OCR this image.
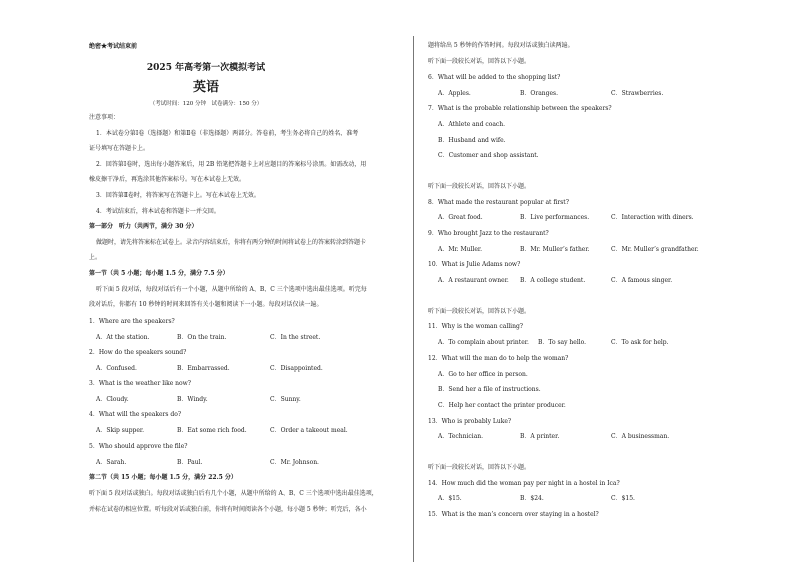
绝密★考试结束前
2025 年高考第一次模拟考试
英语
（考试时间：120 分钟　试卷满分：150 分）
注意事项：
1．本试卷分第Ⅰ卷（选择题）和第Ⅱ卷（非选择题）两部分。答卷前，考生务必将自己的姓名、准考
证号填写在答题卡上。
2．回答第Ⅰ卷时，选出每小题答案后，用 2B 铅笔把答题卡上对应题目的答案标号涂黑。如需改动，用
橡皮擦干净后，再选涂其他答案标号。写在本试卷上无效。
3．回答第Ⅱ卷时，将答案写在答题卡上。写在本试卷上无效。
4．考试结束后，将本试卷和答题卡一并交回。
第一部分　听力（共两节，满分 30 分）
做题时，请先将答案标在试卷上。录音内容结束后，你将有两分钟的时间将试卷上的答案转涂到答题卡
上。
第一节（共 5 小题；每小题 1.5 分，满分 7.5 分）
听下面 5 段对话，每段对话后有一个小题，从题中所给的 A、B、C 三个选项中选出最佳选项。听完每
段对话后，你都有 10 秒钟的时间来回答有关小题和阅读下一小题。每段对话仅读一遍。
1．Where are the speakers?
A．At the station.	B．On the train.	C．In the street.
2．How do the speakers sound?
A．Confused.	B．Embarrassed.	C．Disappointed.
3．What is the weather like now?
A．Cloudy.	B．Windy.	C．Sunny.
4．What will the speakers do?
A．Skip supper.	B．Eat some rich food.	C．Order a takeout meal.
5．Who should approve the file?
A．Sarah.	B．Paul.	C．Mr. Johnson.
第二节（共 15 小题；每小题 1.5 分，满分 22.5 分）
听下面 5 段对话或独白。每段对话或独白后有几个小题，从题中所给的 A、B、C 三个选项中选出最佳选项，
并标在试卷的相应位置。听每段对话或独白前，你将有时间阅读各个小题，每小题 5 秒钟；听完后，各小
题将给出 5 秒钟的作答时间。每段对话或独白读两遍。
听下面一段较长对话，回答以下小题。
6．What will be added to the shopping list?
A．Apples.	B．Oranges.	C．Strawberries.
7．What is the probable relationship between the speakers?
A．Athlete and coach.
B．Husband and wife.
C．Customer and shop assistant.
听下面一段较长对话，回答以下小题。
8．What made the restaurant popular at first?
A．Great food.	B．Live performances.	C．Interaction with diners.
9．Who brought Jazz to the restaurant?
A．Mr. Muller.	B．Mr. Muller’s father.	C．Mr. Muller’s grandfather.
10．What is Julie Adams now?
A．A restaurant owner. B．A college student.	C．A famous singer.
听下面一段较长对话，回答以下小题。
11．Why is the woman calling?
A．To complain about printer. B．To say hello.	C．To ask for help.
12．What will the man do to help the woman?
A．Go to her office in person.
B．Send her a file of instructions.
C．Help her contact the printer producer.
13．Who is probably Luke?
A．Technician.	B．A printer.	C．A businessman.
听下面一段较长对话，回答以下小题。
14．How much did the woman pay per night in a hostel in Ica?
A．$15.	B．$24.	C．$15.
15．What is the man’s concern over staying in a hostel?
